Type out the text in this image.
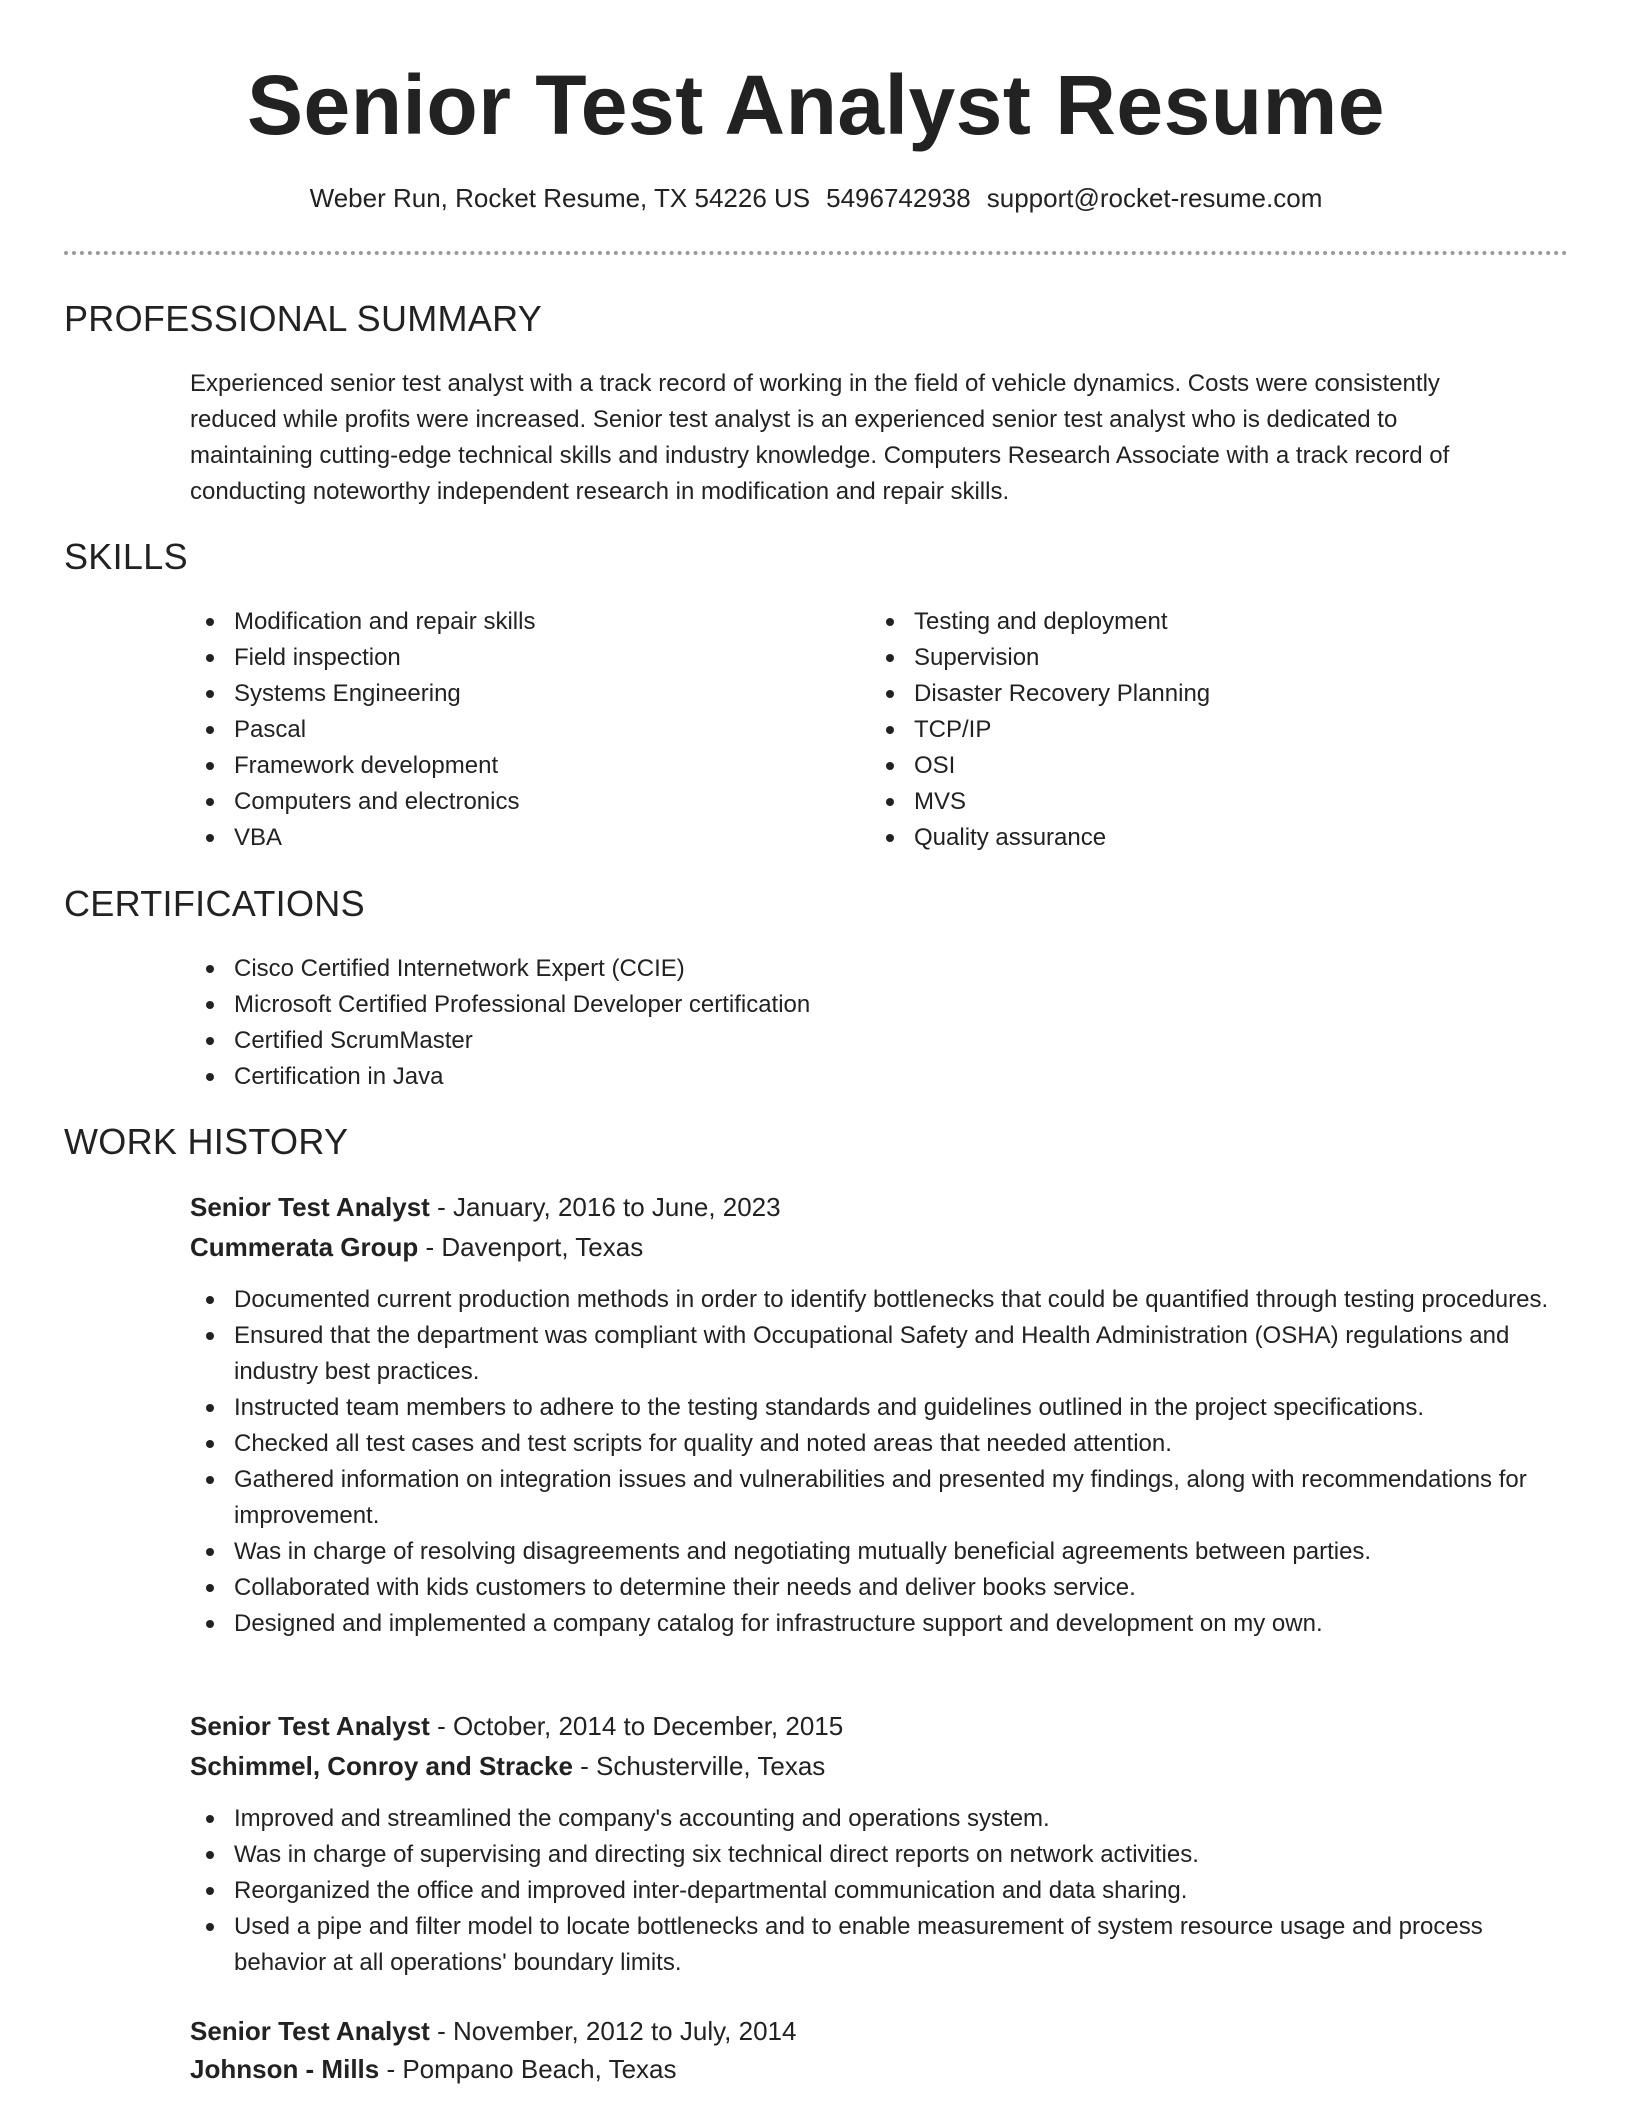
Senior Test Analyst Resume
Weber Run, Rocket Resume, TX 54226 US 5496742938 support@rocket-resume.com
PROFESSIONAL SUMMARY

Experienced senior test analyst with a track record of working in the field of vehicle dynamics. Costs were consistently reduced while profits were increased. Senior test analyst is an experienced senior test analyst who is dedicated to maintaining cutting-edge technical skills and industry knowledge. Computers Research Associate with a track record of conducting noteworthy independent research in modification and repair skills.

SKILLS
Modification and repair skills
Field inspection
Systems Engineering
Pascal
Framework development
Computers and electronics
VBA
Testing and deployment
Supervision
Disaster Recovery Planning
TCP/IP
OSI
MVS
Quality assurance
CERTIFICATIONS
Cisco Certified Internetwork Expert (CCIE)
Microsoft Certified Professional Developer certification
Certified ScrumMaster
Certification in Java
WORK HISTORY
Senior Test Analyst - January, 2016 to June, 2023
Cummerata Group - Davenport, Texas
Documented current production methods in order to identify bottlenecks that could be quantified through testing procedures.
Ensured that the department was compliant with Occupational Safety and Health Administration (OSHA) regulations and industry best practices.
Instructed team members to adhere to the testing standards and guidelines outlined in the project specifications.
Checked all test cases and test scripts for quality and noted areas that needed attention.
Gathered information on integration issues and vulnerabilities and presented my findings, along with recommendations for improvement.
Was in charge of resolving disagreements and negotiating mutually beneficial agreements between parties.
Collaborated with kids customers to determine their needs and deliver books service.
Designed and implemented a company catalog for infrastructure support and development on my own.
Senior Test Analyst - October, 2014 to December, 2015
Schimmel, Conroy and Stracke - Schusterville, Texas
Improved and streamlined the company's accounting and operations system.
Was in charge of supervising and directing six technical direct reports on network activities.
Reorganized the office and improved inter-departmental communication and data sharing.
Used a pipe and filter model to locate bottlenecks and to enable measurement of system resource usage and process behavior at all operations' boundary limits.
Senior Test Analyst - November, 2012 to July, 2014
Johnson - Mills - Pompano Beach, Texas
